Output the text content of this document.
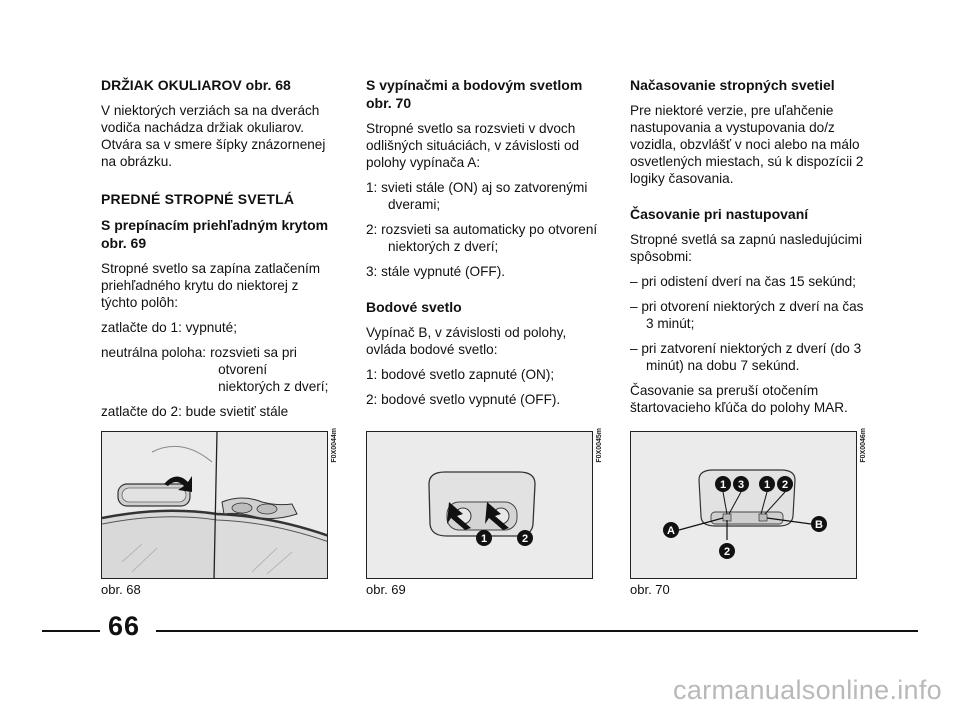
DRŽIAK OKULIAROV obr. 68

V niektorých verziách sa na dverách vodiča nachádza držiak okuliarov. Otvára sa v smere šípky znázornenej na obrázku.

PREDNÉ STROPNÉ SVETLÁ
S prepínacím priehľadným krytom obr. 69

Stropné svetlo sa zapína zatlačením priehľadného krytu do niektorej z týchto polôh:

zatlačte do 1: vypnuté;

neutrálna poloha: rozsvieti sa pri
otvorení
niektorých z dverí;

zatlačte do 2: bude svietiť stále

S vypínačmi a bodovým svetlom obr. 70

Stropné svetlo sa rozsvieti v dvoch odlišných situáciách, v závislosti od polohy vypínača A:

1: svieti stále (ON) aj so zatvorenými dverami;

2: rozsvieti sa automaticky po otvorení niektorých z dverí;

3: stále vypnuté (OFF).

Bodové svetlo

Vypínač B, v závislosti od polohy, ovláda bodové svetlo:

1: bodové svetlo zapnuté (ON);

2: bodové svetlo vypnuté (OFF).

Načasovanie stropných svetiel

Pre niektoré verzie, pre uľahčenie nastupovania a vystupovania do/z vozidla, obzvlášť v noci alebo na málo osvetlených miestach, sú k dispozícii 2 logiky časovania.

Časovanie pri nastupovaní

Stropné svetlá sa zapnú nasledujúcimi spôsobmi:

– pri odistení dverí na čas 15 sekúnd;

– pri otvorení niektorých z dverí na čas 3 minút;

– pri zatvorení niektorých z dverí (do 3 minút) na dobu 7 sekúnd.

Časovanie sa preruší otočením štartovacieho kľúča do polohy MAR.

F0X0044m
obr. 68
1	2
F0X0045m
obr. 69
1 3 1 2
A	B
2
F0X0046m
obr. 70
66
carmanualsonline.info
